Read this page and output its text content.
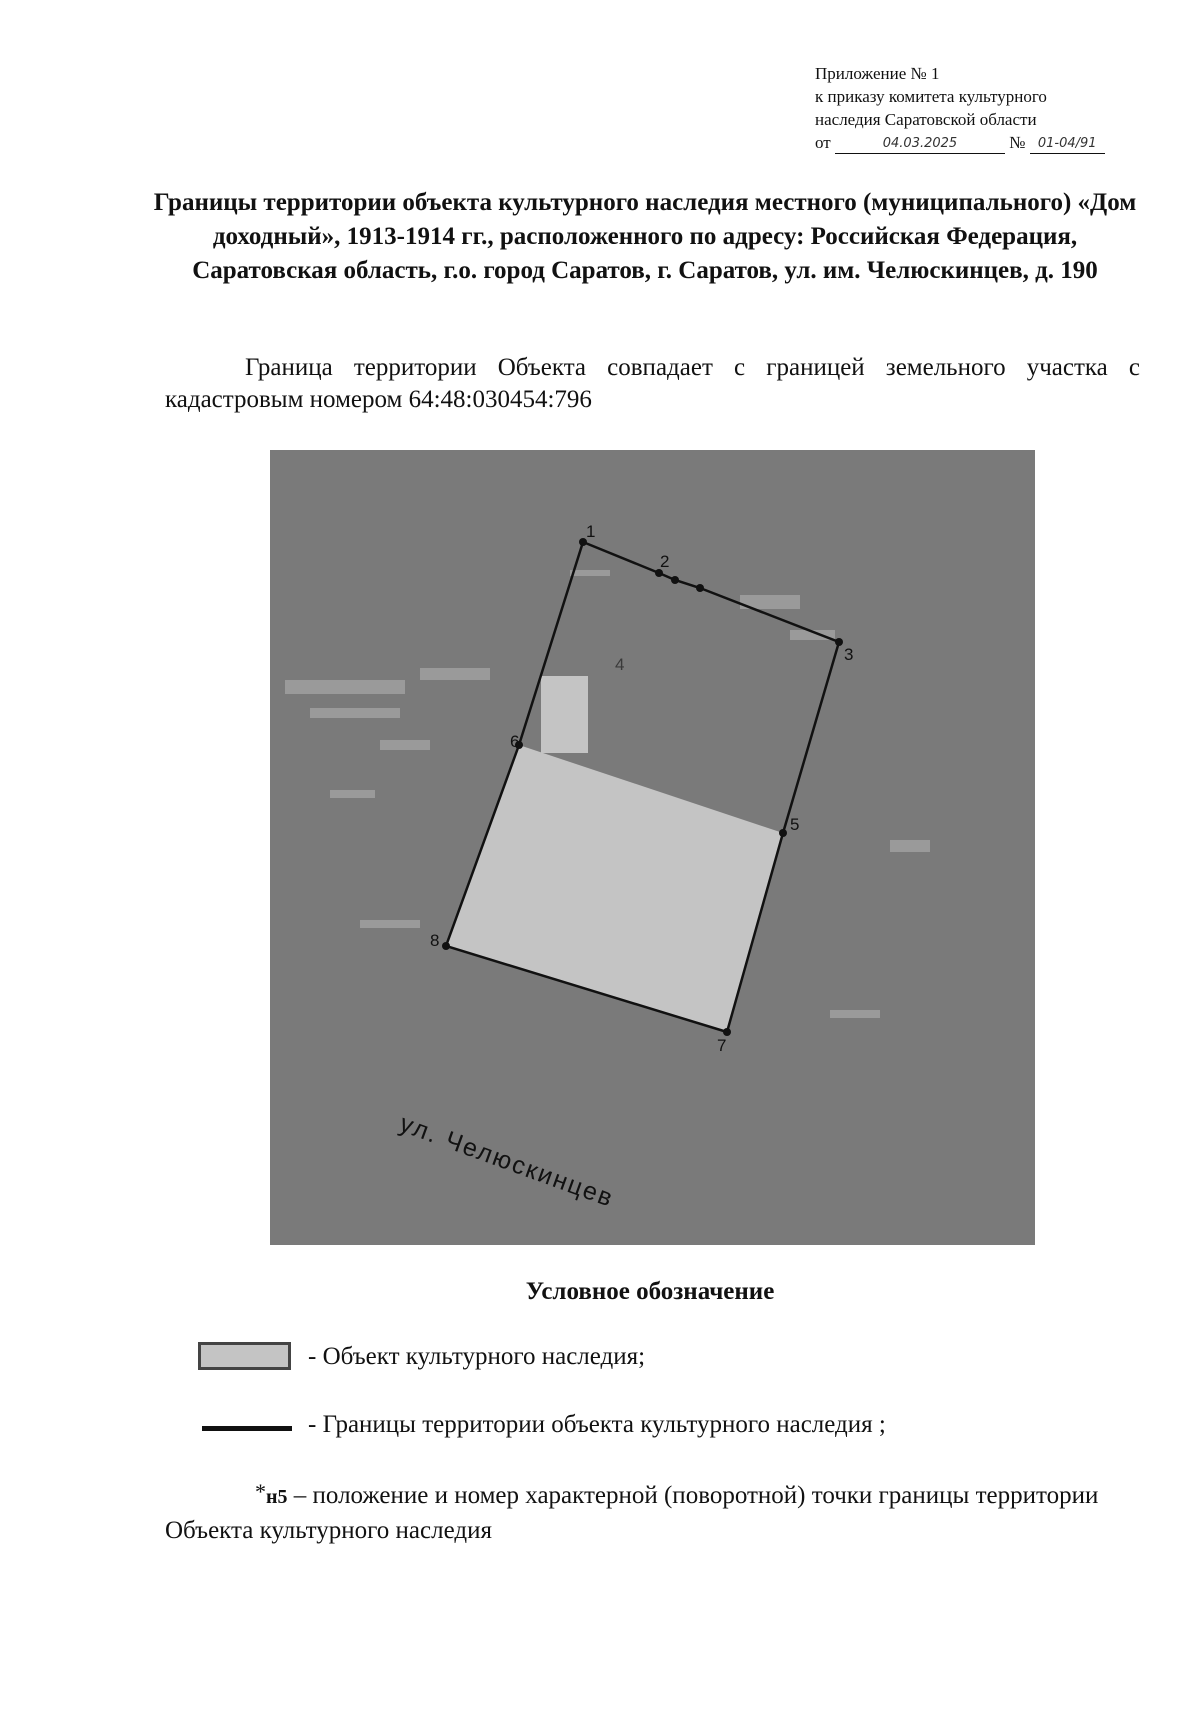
Приложение № 1
к приказу комитета культурного
наследия Саратовской области
от	04.03.2025	№ 01-04/91
Границы территории объекта культурного наследия местного (муниципального) «Дом доходный», 1913-1914 гг., расположенного по адресу: Российская Федерация, Саратовская область, г.о. город Саратов, г. Саратов, ул. им. Челюскинцев, д. 190
Граница территории Объекта совпадает с границей земельного участка с кадастровым номером 64:48:030454:796
1
2
3
4
5
6
7
8
ул. Челюскинцев
Условное обозначение
- Объект культурного наследия;
- Границы территории объекта культурного наследия ;
*н5 – положение и номер характерной (поворотной) точки границы территории Объекта культурного наследия
